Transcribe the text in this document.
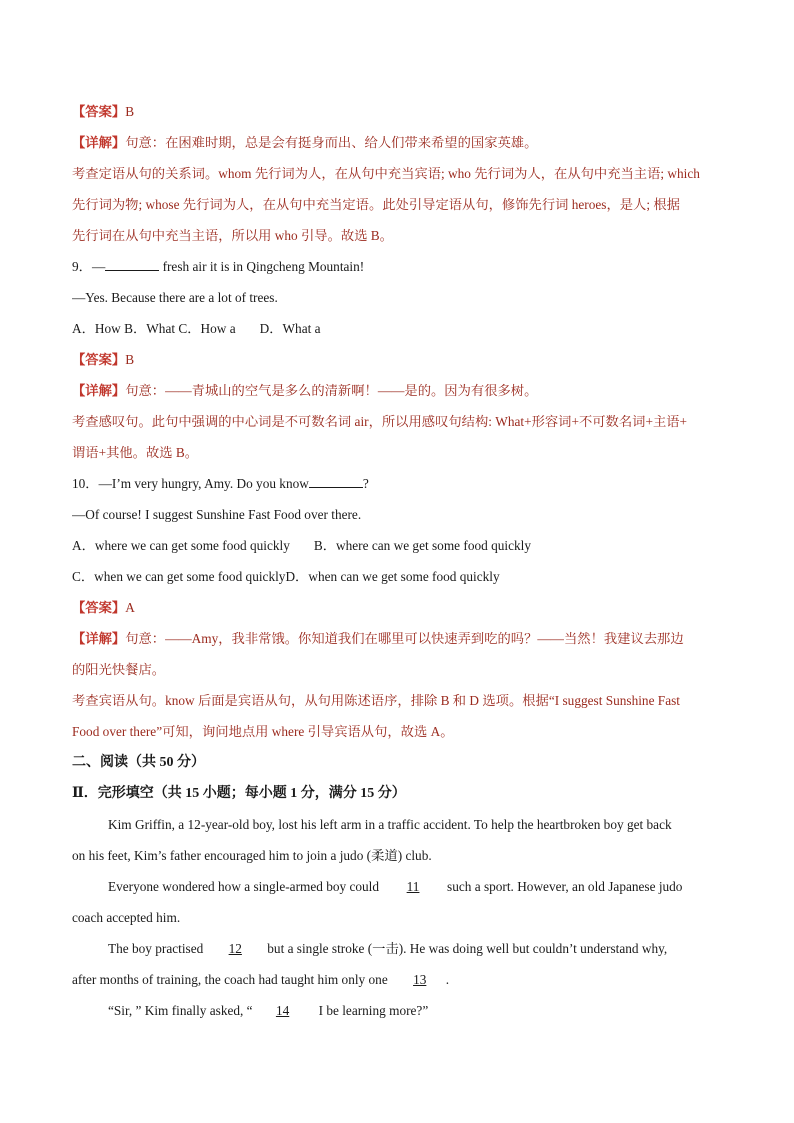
【答案】B
【详解】句意：在困难时期，总是会有挺身而出、给人们带来希望的国家英雄。
考查定语从句的关系词。whom 先行词为人，在从句中充当宾语; who 先行词为人，在从句中充当主语; which
先行词为物; whose 先行词为人，在从句中充当定语。此处引导定语从句，修饰先行词 heroes，是人; 根据
先行词在从句中充当主语，所以用 who 引导。故选 B。
9．—	fresh air it is in Qingcheng Mountain!
—Yes. Because there are a lot of trees.
A．How B．What C．How a D．What a
【答案】B
【详解】句意：——青城山的空气是多么的清新啊！——是的。因为有很多树。
考查感叹句。此句中强调的中心词是不可数名词 air，所以用感叹句结构: What+形容词+不可数名词+主语+
谓语+其他。故选 B。
10．—I’m very hungry, Amy. Do you know	?
—Of course! I suggest Sunshine Fast Food over there.
A．where we can get some food quickly B．where can we get some food quickly
C．when we can get some food quicklyD．when can we get some food quickly
【答案】A
【详解】句意：——Amy，我非常饿。你知道我们在哪里可以快速弄到吃的吗？——当然！我建议去那边
的阳光快餐店。
考查宾语从句。know 后面是宾语从句，从句用陈述语序，排除 B 和 D 选项。根据“I suggest Sunshine Fast
Food over there”可知，询问地点用 where 引导宾语从句，故选 A。
二、阅读（共 50 分）
Ⅱ．完形填空（共 15 小题；每小题 1 分，满分 15 分）
Kim Griffin, a 12-year-old boy, lost his left arm in a traffic accident. To help the heartbroken boy get back
on his feet, Kim’s father encouraged him to join a judo (柔道) club.
Everyone wondered how a single-armed boy could 11 such a sport. However, an old Japanese judo
coach accepted him.
The boy practised 12 but a single stroke (一击). He was doing well but couldn’t understand why,
after months of training, the coach had taught him only one 13 .
“Sir, ” Kim finally asked, “ 14 I be learning more?”
